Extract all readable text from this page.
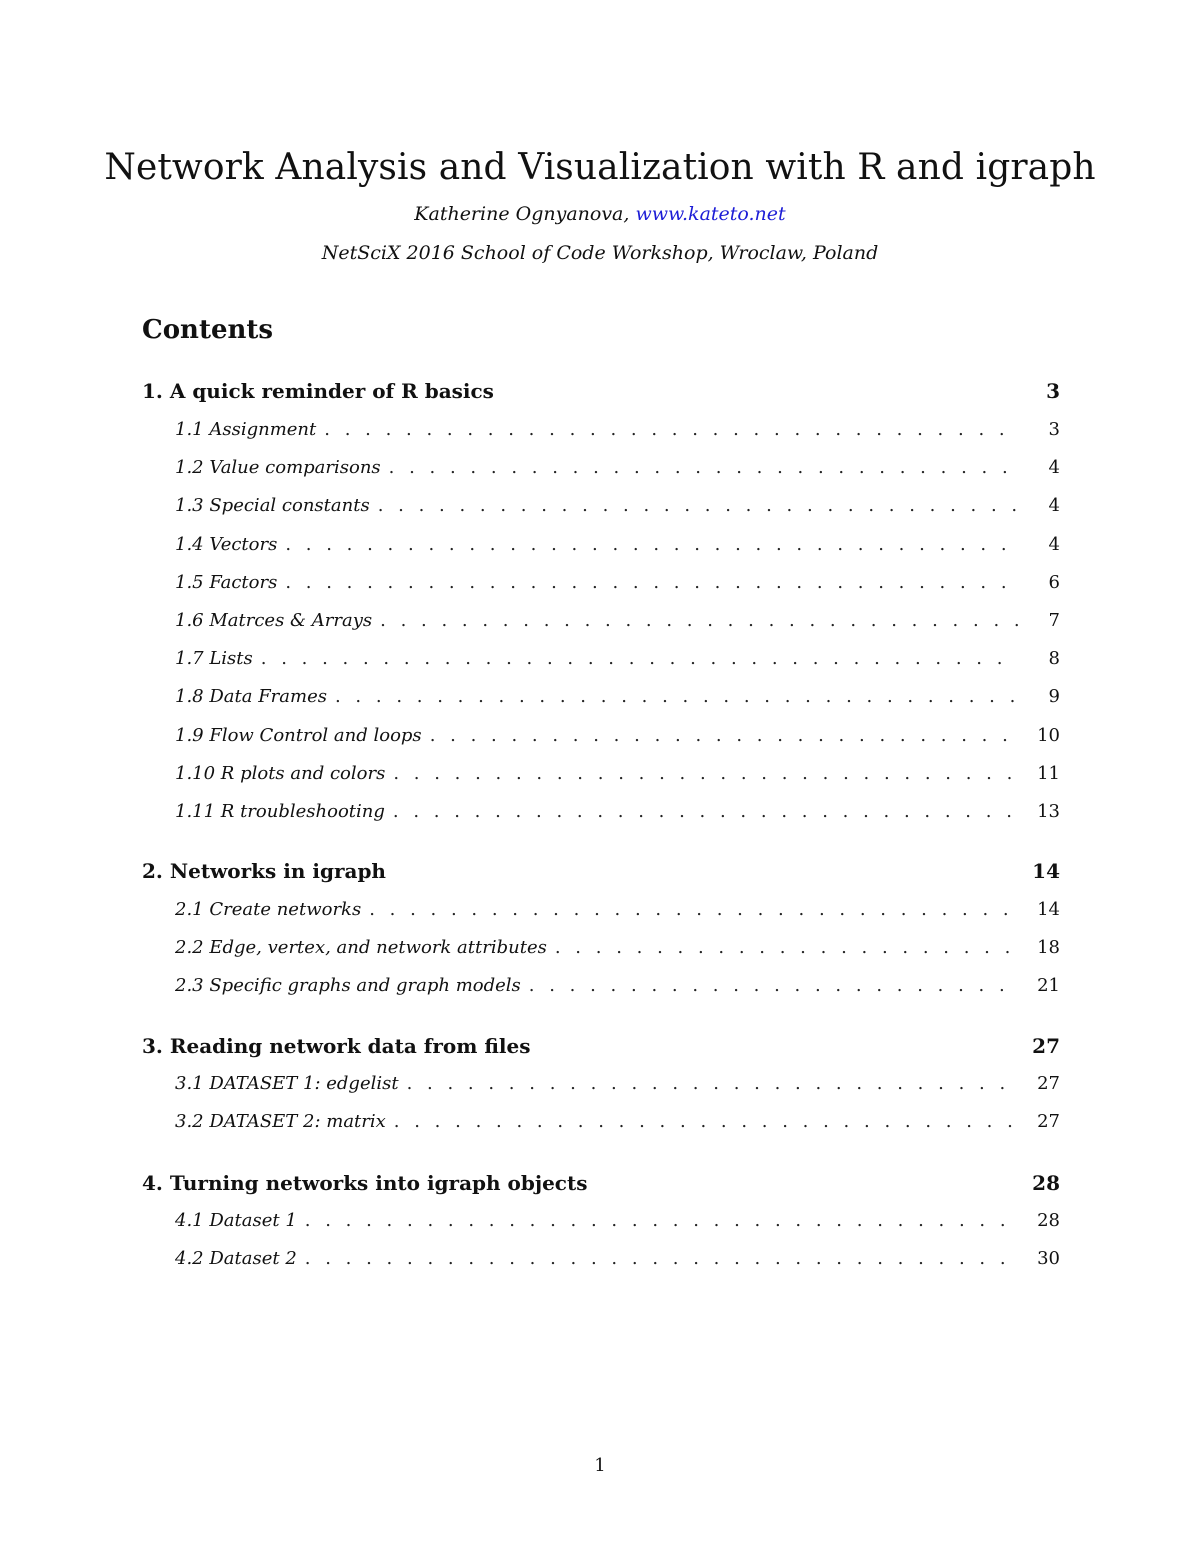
Network Analysis and Visualization with R and igraph
Katherine Ognyanova, www.kateto.net
NetSciX 2016 School of Code Workshop, Wroclaw, Poland
Contents
1. A quick reminder of R basics	3
1.1 Assignment . . .	3
1.2 Value comparisons . . .	4
1.3 Special constants . . .	4
1.4 Vectors . . .	4
1.5 Factors . . .	6
1.6 Matrces & Arrays . . .	7
1.7 Lists . . .	8
1.8 Data Frames . . .	9
1.9 Flow Control and loops . . .	10
1.10 R plots and colors . . .	11
1.11 R troubleshooting . . .	13
2. Networks in igraph	14
2.1 Create networks . . .	14
2.2 Edge, vertex, and network attributes . . .	18
2.3 Specific graphs and graph models . . .	21
3. Reading network data from files	27
3.1 DATASET 1: edgelist . . .	27
3.2 DATASET 2: matrix . . .	27
4. Turning networks into igraph objects	28
4.1 Dataset 1 . . .	28
4.2 Dataset 2 . . .	30
1
